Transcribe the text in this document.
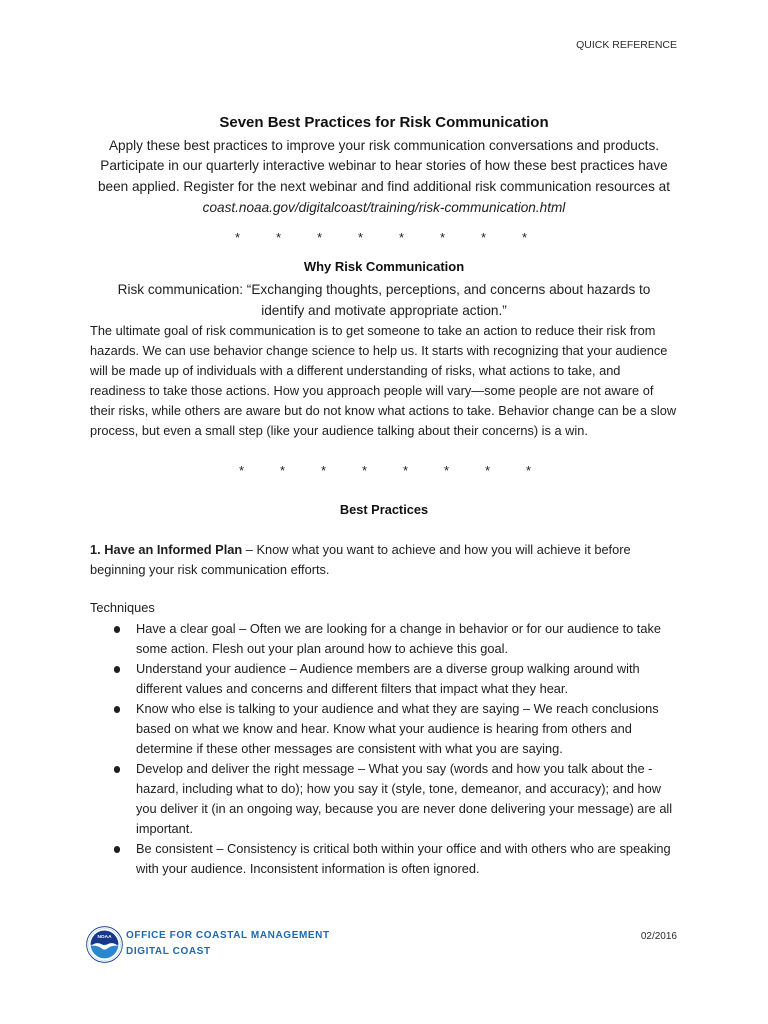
QUICK REFERENCE
Seven Best Practices for Risk Communication
Apply these best practices to improve your risk communication conversations and products.
Participate in our quarterly interactive webinar to hear stories of how these best practices have
been applied. Register for the next webinar and find additional risk communication resources at
coast.noaa.gov/digitalcoast/training/risk-communication.html
*	*	*	*	*	*	*	*
Why Risk Communication
Risk communication: “Exchanging thoughts, perceptions, and concerns about hazards to
identify and motivate appropriate action.”
The ultimate goal of risk communication is to get someone to take an action to reduce their risk from
hazards. We can use behavior change science to help us. It starts with recognizing that your audience
will be made up of individuals with a different understanding of risks, what actions to take, and
readiness to take those actions. How you approach people will vary—some people are not aware of
their risks, while others are aware but do not know what actions to take. Behavior change can be a slow
process, but even a small step (like your audience talking about their concerns) is a win.
*	*	*	*	*	*	*	*
Best Practices
1. Have an Informed Plan – Know what you want to achieve and how you will achieve it before
beginning your risk communication efforts.
Techniques
Have a clear goal – Often we are looking for a change in behavior or for our audience to take
some action. Flesh out your plan around how to achieve this goal.
Understand your audience – Audience members are a diverse group walking around with
different values and concerns and different filters that impact what they hear.
Know who else is talking to your audience and what they are saying – We reach conclusions
based on what we know and hear. Know what your audience is hearing from others and
determine if these other messages are consistent with what you are saying.
Develop and deliver the right message – What you say (words and how you talk about the -
hazard, including what to do); how you say it (style, tone, demeanor, and accuracy); and how
you deliver it (in an ongoing way, because you are never done delivering your message) are all
important.
Be consistent – Consistency is critical both within your office and with others who are speaking
with your audience. Inconsistent information is often ignored.
NOAA OFFICE FOR COASTAL MANAGEMENT
DIGITAL COAST
02/2016
